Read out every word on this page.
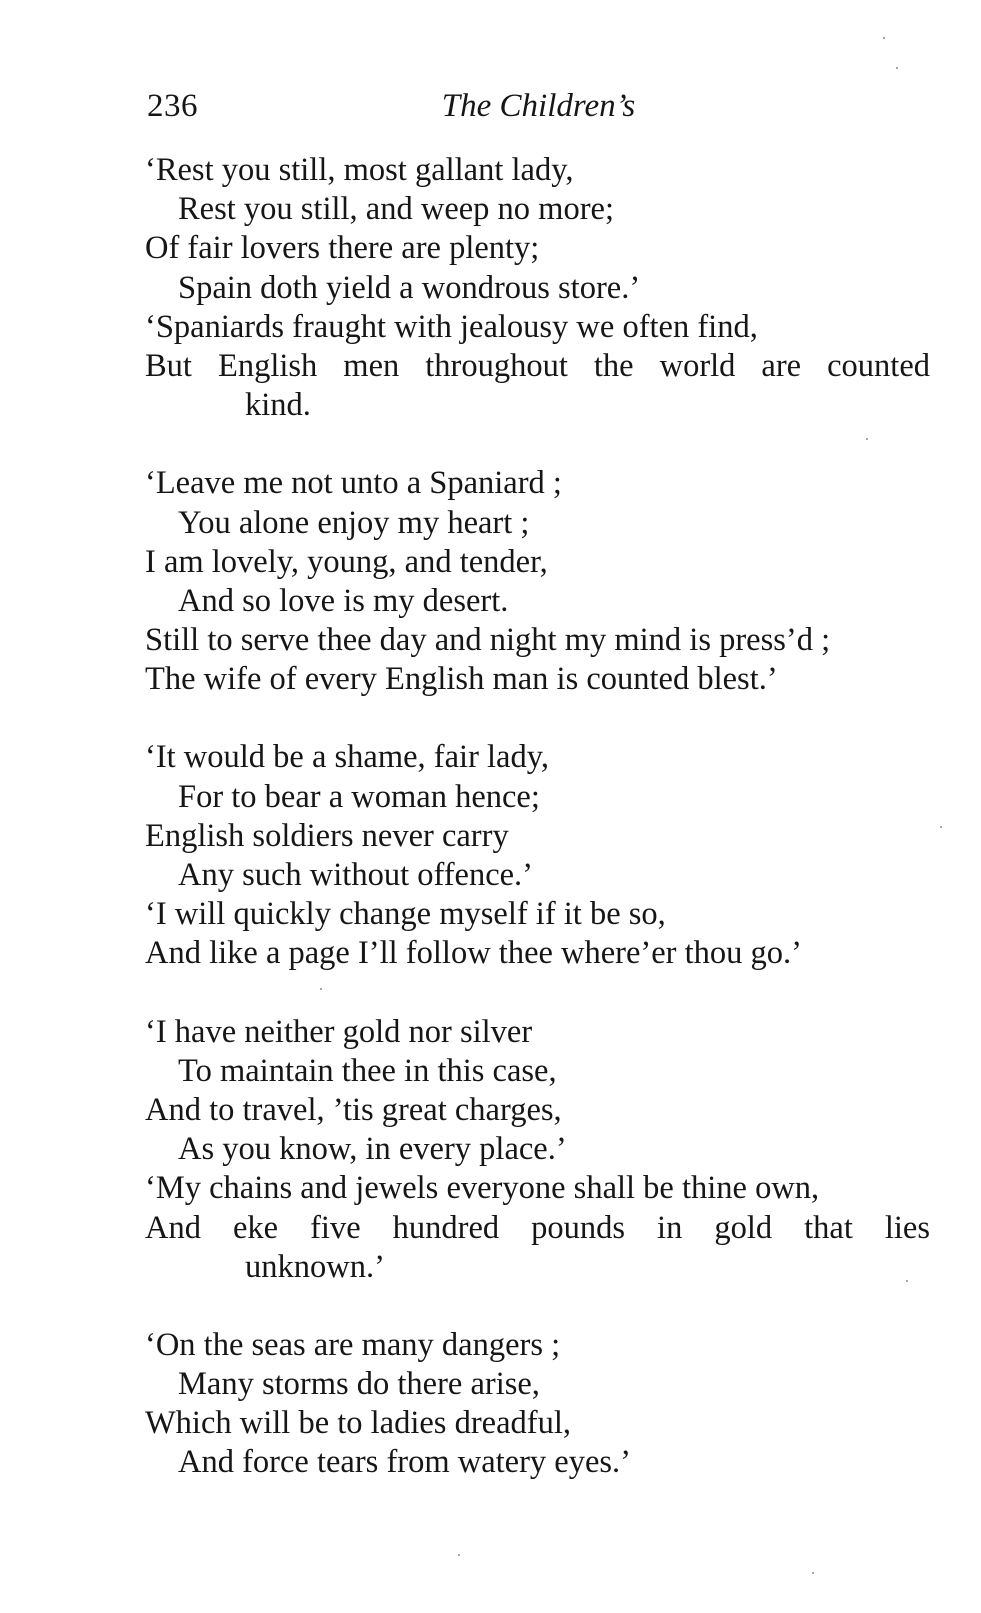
236	The Children’s
‘Rest you still, most gallant lady,
Rest you still, and weep no more;
Of fair lovers there are plenty;
Spain doth yield a wondrous store.’
‘Spaniards fraught with jealousy we often find,
But English men throughout the world are counted
kind.
‘Leave me not unto a Spaniard ;
You alone enjoy my heart ;
I am lovely, young, and tender,
And so love is my desert.
Still to serve thee day and night my mind is press’d ;
The wife of every English man is counted blest.’
‘It would be a shame, fair lady,
For to bear a woman hence;
English soldiers never carry
Any such without offence.’
‘I will quickly change myself if it be so,
And like a page I’ll follow thee where’er thou go.’
‘I have neither gold nor silver
To maintain thee in this case,
And to travel, ’tis great charges,
As you know, in every place.’
‘My chains and jewels everyone shall be thine own,
And eke five hundred pounds in gold that lies
unknown.’
‘On the seas are many dangers ;
Many storms do there arise,
Which will be to ladies dreadful,
And force tears from watery eyes.’
